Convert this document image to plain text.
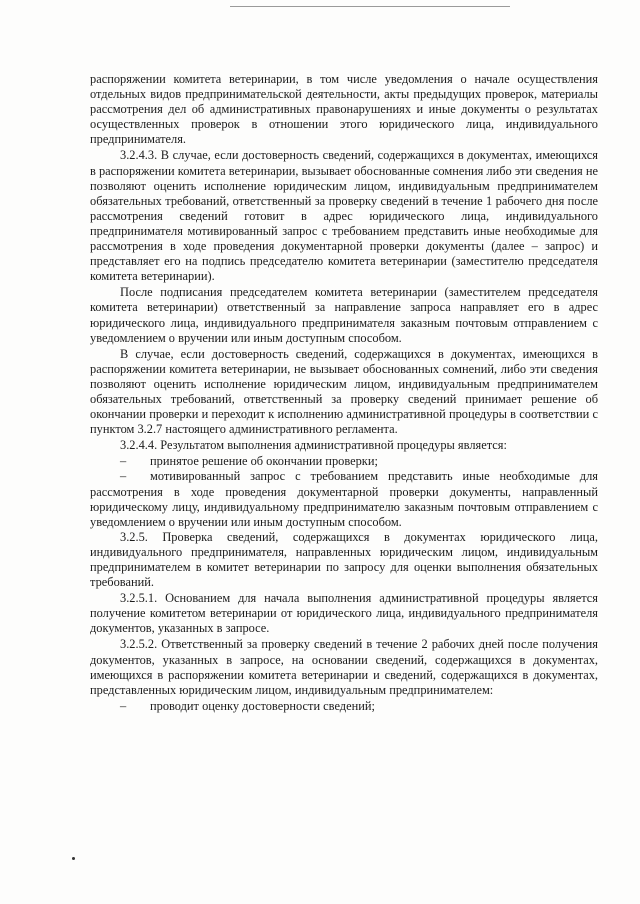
распоряжении комитета ветеринарии, в том числе уведомления о начале осуществления отдельных видов предпринимательской деятельности, акты предыдущих проверок, материалы рассмотрения дел об административных правонарушениях и иные документы о результатах осуществленных проверок в отношении этого юридического лица, индивидуального предпринимателя.

3.2.4.3. В случае, если достоверность сведений, содержащихся в документах, имеющихся в распоряжении комитета ветеринарии, вызывает обоснованные сомнения либо эти сведения не позволяют оценить исполнение юридическим лицом, индивидуальным предпринимателем обязательных требований, ответственный за проверку сведений в течение 1 рабочего дня после рассмотрения сведений готовит в адрес юридического лица, индивидуального предпринимателя мотивированный запрос с требованием представить иные необходимые для рассмотрения в ходе проведения документарной проверки документы (далее – запрос) и представляет его на подпись председателю комитета ветеринарии (заместителю председателя комитета ветеринарии).

После подписания председателем комитета ветеринарии (заместителем председателя комитета ветеринарии) ответственный за направление запроса направляет его в адрес юридического лица, индивидуального предпринимателя заказным почтовым отправлением с уведомлением о вручении или иным доступным способом.

В случае, если достоверность сведений, содержащихся в документах, имеющихся в распоряжении комитета ветеринарии, не вызывает обоснованных сомнений, либо эти сведения позволяют оценить исполнение юридическим лицом, индивидуальным предпринимателем обязательных требований, ответственный за проверку сведений принимает решение об окончании проверки и переходит к исполнению административной процедуры в соответствии с пунктом 3.2.7 настоящего административного регламента.

3.2.4.4. Результатом выполнения административной процедуры является:

–	принятое решение об окончании проверки;
– мотивированный запрос с требованием представить иные необходимые для рассмотрения в ходе проведения документарной проверки документы, направленный юридическому лицу, индивидуальному предпринимателю заказным почтовым отправлением с уведомлением о вручении или иным доступным способом.

3.2.5. Проверка сведений, содержащихся в документах юридического лица, индивидуального предпринимателя, направленных юридическим лицом, индивидуальным предпринимателем в комитет ветеринарии по запросу для оценки выполнения обязательных требований.

3.2.5.1. Основанием для начала выполнения административной процедуры является получение комитетом ветеринарии от юридического лица, индивидуального предпринимателя документов, указанных в запросе.

3.2.5.2. Ответственный за проверку сведений в течение 2 рабочих дней после получения документов, указанных в запросе, на основании сведений, содержащихся в документах, имеющихся в распоряжении комитета ветеринарии и сведений, содержащихся в документах, представленных юридическим лицом, индивидуальным предпринимателем:

–	проводит оценку достоверности сведений;
